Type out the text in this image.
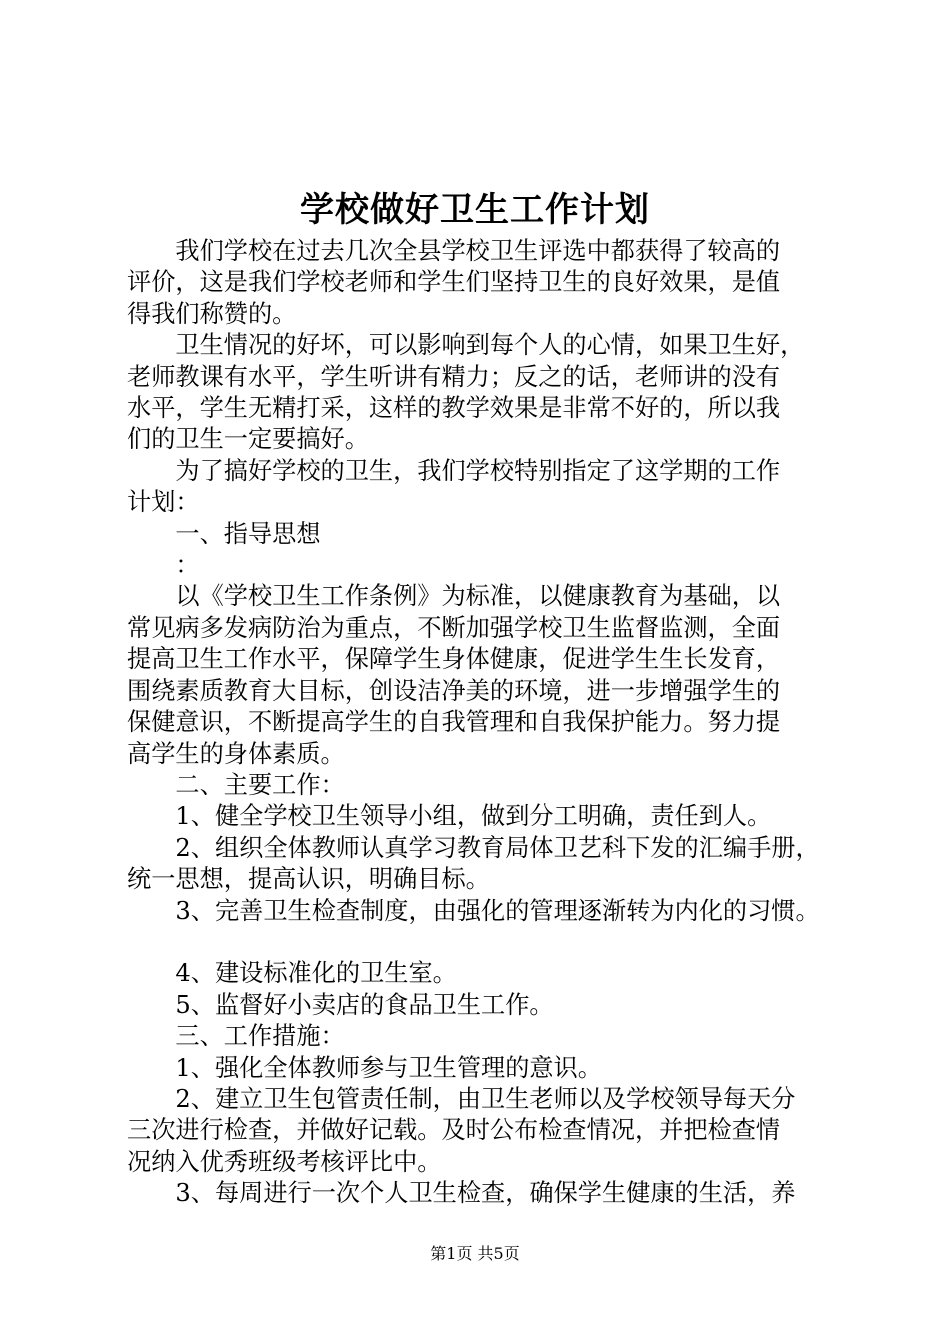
学校做好卫生工作计划
我们学校在过去几次全县学校卫生评选中都获得了较高的
评价，这是我们学校老师和学生们坚持卫生的良好效果，是值
得我们称赞的。
卫生情况的好坏，可以影响到每个人的心情，如果卫生好，
老师教课有水平，学生听讲有精力；反之的话，老师讲的没有
水平，学生无精打采，这样的教学效果是非常不好的，所以我
们的卫生一定要搞好。
为了搞好学校的卫生，我们学校特别指定了这学期的工作
计划：
一、指导思想
：
以《学校卫生工作条例》为标准，以健康教育为基础，以
常见病多发病防治为重点，不断加强学校卫生监督监测，全面
提高卫生工作水平，保障学生身体健康，促进学生生长发育，
围绕素质教育大目标，创设洁净美的环境，进一步增强学生的
保健意识，不断提高学生的自我管理和自我保护能力。努力提
高学生的身体素质。
二、主要工作：
1、健全学校卫生领导小组，做到分工明确，责任到人。
2、组织全体教师认真学习教育局体卫艺科下发的汇编手册，
统一思想，提高认识，明确目标。
3、完善卫生检查制度，由强化的管理逐渐转为内化的习惯。
4、建设标准化的卫生室。
5、监督好小卖店的食品卫生工作。
三、工作措施：
1、强化全体教师参与卫生管理的意识。
2、建立卫生包管责任制，由卫生老师以及学校领导每天分
三次进行检查，并做好记载。及时公布检查情况，并把检查情
况纳入优秀班级考核评比中。
3、每周进行一次个人卫生检查，确保学生健康的生活，养
第1页 共5页
